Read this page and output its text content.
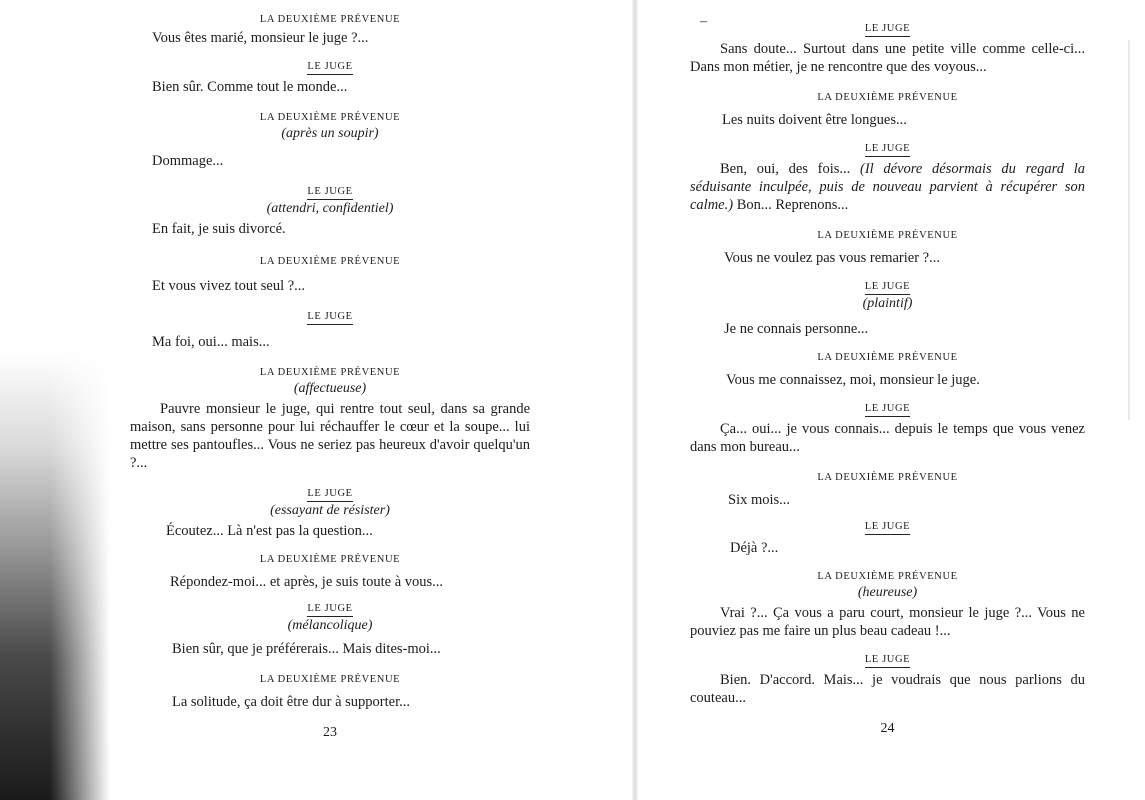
–
LA DEUXIÈME PRÉVENUE
Vous êtes marié, monsieur le juge ?...
LE JUGE
Bien sûr. Comme tout le monde...
LA DEUXIÈME PRÉVENUE
(après un soupir)
Dommage...
LE JUGE
(attendri, confidentiel)
En fait, je suis divorcé.
LA DEUXIÈME PRÉVENUE
Et vous vivez tout seul ?...
LE JUGE
Ma foi, oui... mais...
LA DEUXIÈME PRÉVENUE
(affectueuse)
Pauvre monsieur le juge, qui rentre tout seul, dans sa grande maison, sans personne pour lui réchauffer le cœur et la soupe... lui mettre ses pantoufles... Vous ne seriez pas heureux d'avoir quelqu'un ?...
LE JUGE
(essayant de résister)
Écoutez... Là n'est pas la question...
LA DEUXIÈME PRÉVENUE
Répondez-moi... et après, je suis toute à vous...
LE JUGE
(mélancolique)
Bien sûr, que je préférerais... Mais dites-moi...
LA DEUXIÈME PRÉVENUE
La solitude, ça doit être dur à supporter...
23
LE JUGE
Sans doute... Surtout dans une petite ville comme celle-ci... Dans mon métier, je ne rencontre que des voyous...
LA DEUXIÈME PRÉVENUE
Les nuits doivent être longues...
LE JUGE
Ben, oui, des fois... (Il dévore désormais du regard la séduisante inculpée, puis de nouveau parvient à récupérer son calme.) Bon... Reprenons...
LA DEUXIÈME PRÉVENUE
Vous ne voulez pas vous remarier ?...
LE JUGE
(plaintif)
Je ne connais personne...
LA DEUXIÈME PRÉVENUE
Vous me connaissez, moi, monsieur le juge.
LE JUGE
Ça... oui... je vous connais... depuis le temps que vous venez dans mon bureau...
LA DEUXIÈME PRÉVENUE
Six mois...
LE JUGE
Déjà ?...
LA DEUXIÈME PRÉVENUE
(heureuse)
Vrai ?... Ça vous a paru court, monsieur le juge ?... Vous ne pouviez pas me faire un plus beau cadeau !...
LE JUGE
Bien. D'accord. Mais... je voudrais que nous parlions du couteau...
24
